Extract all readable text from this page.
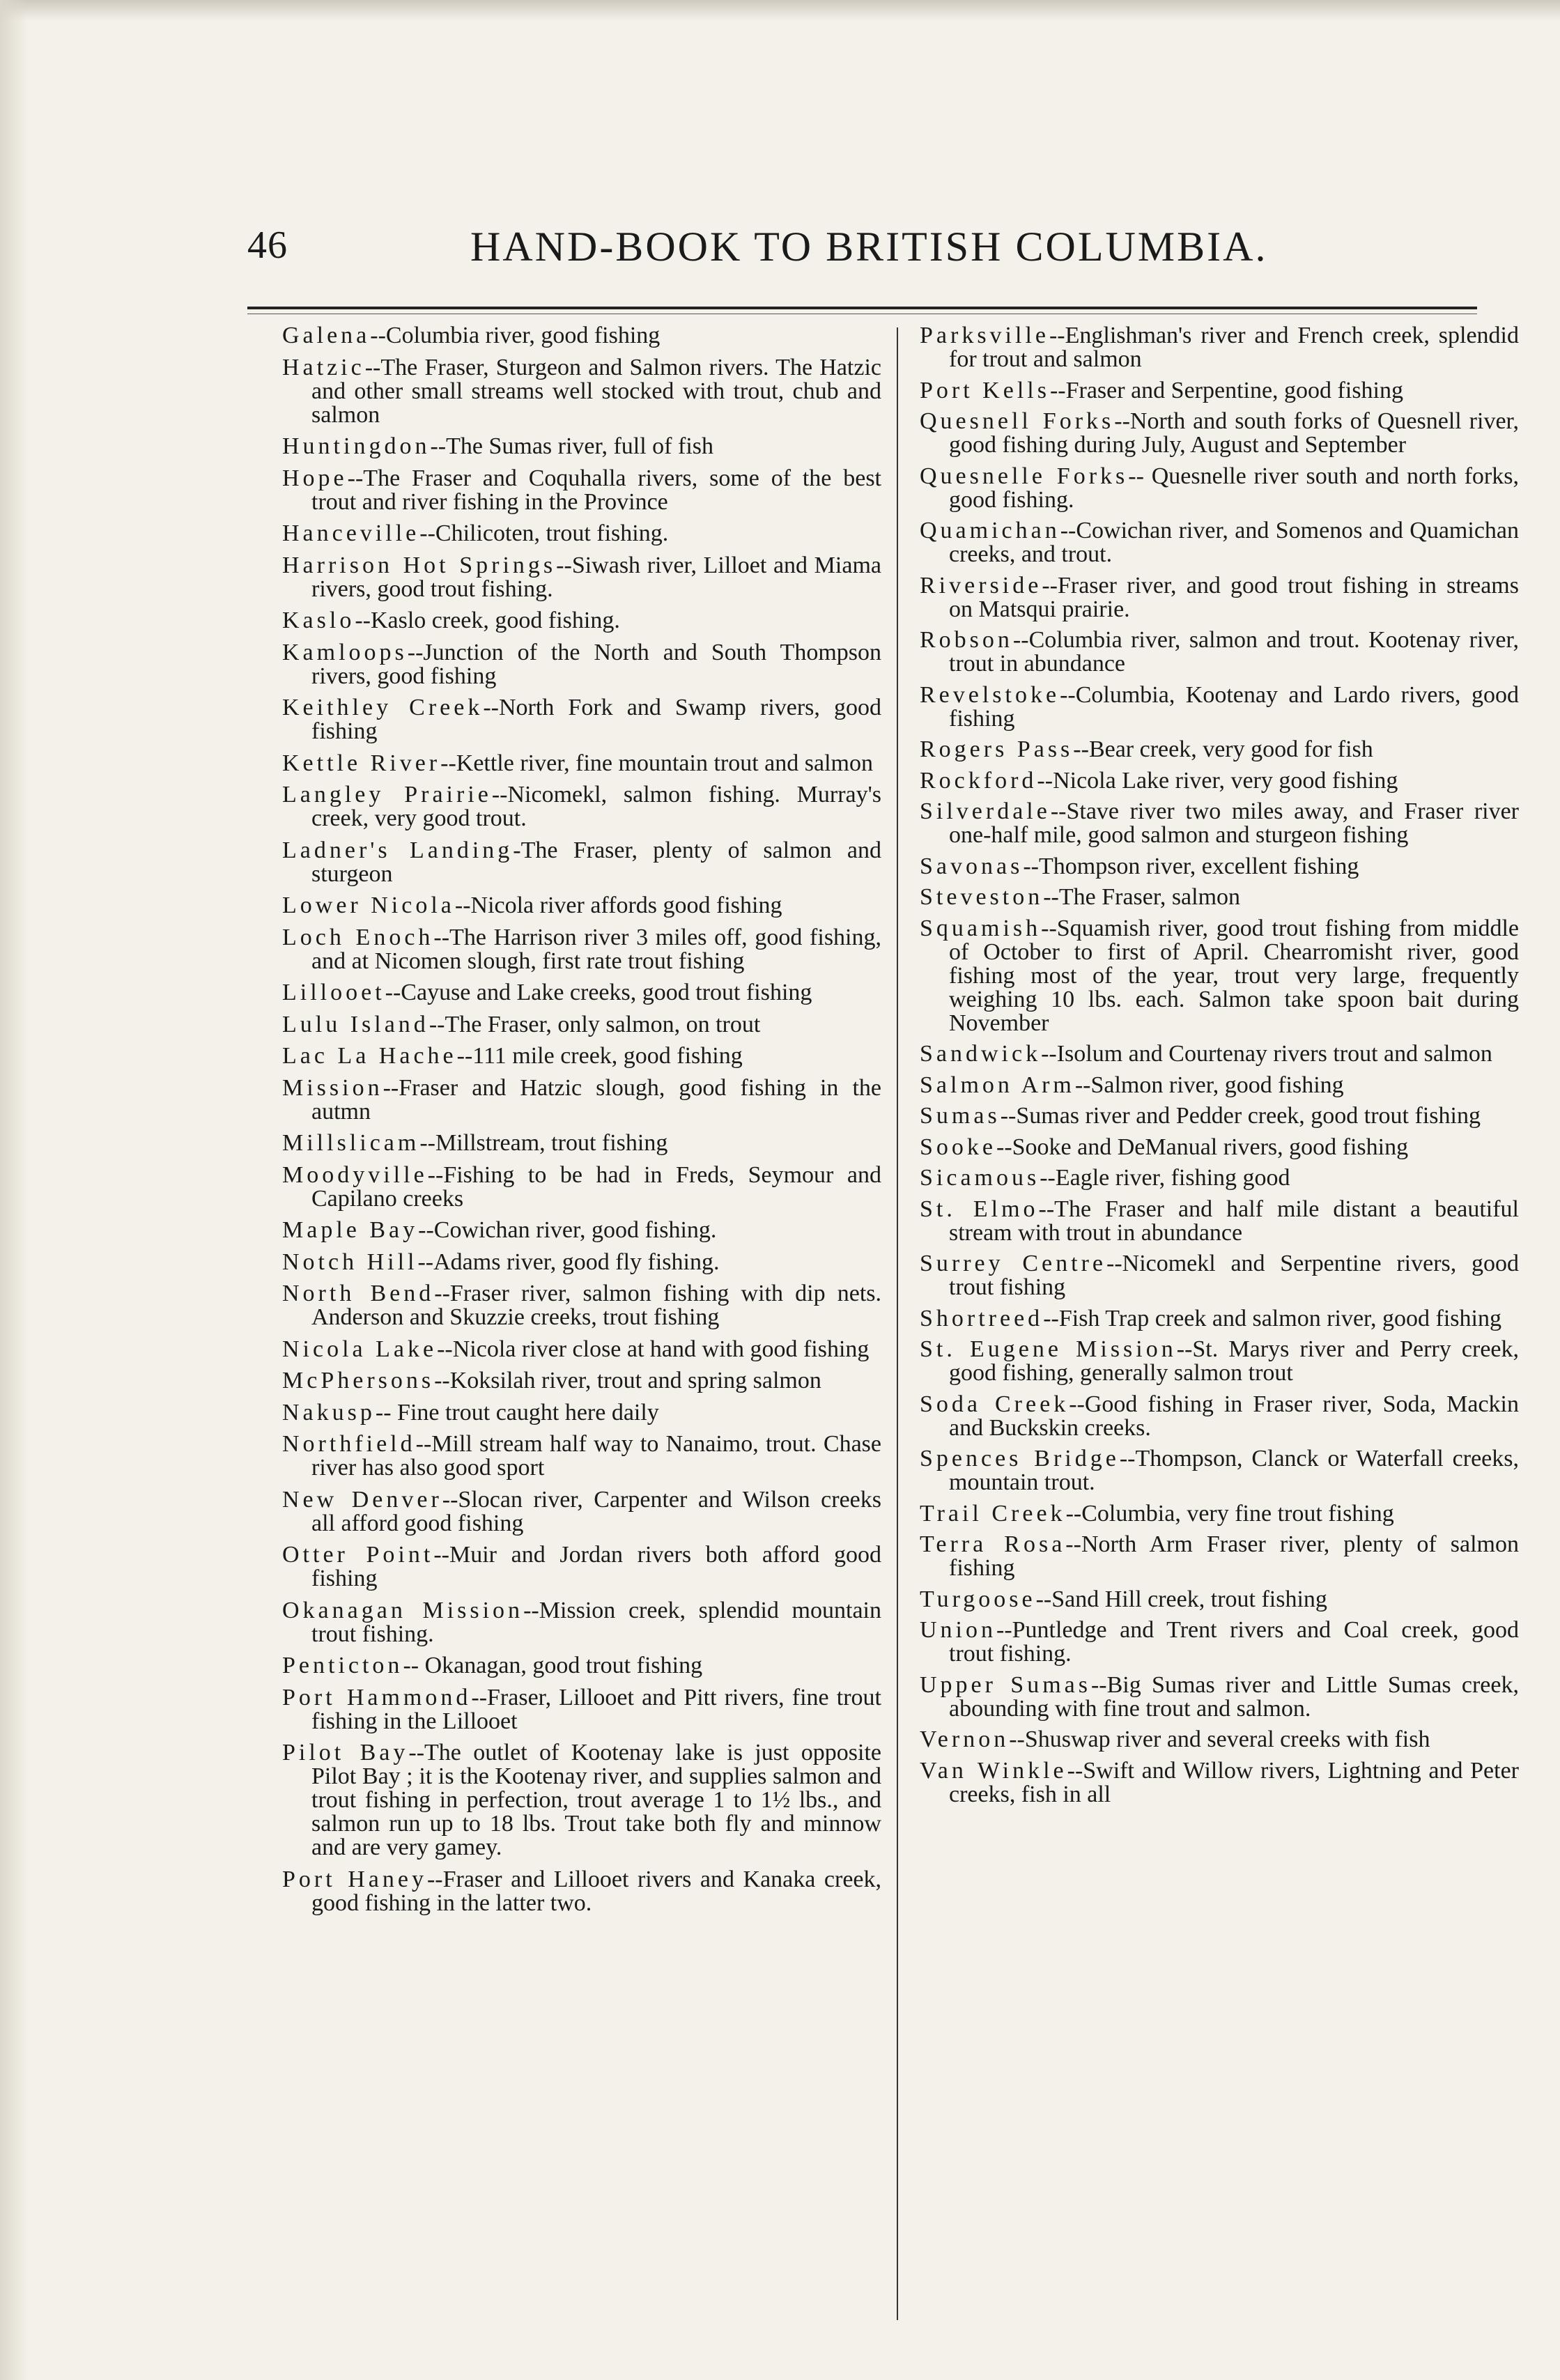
46	HAND-BOOK TO BRITISH COLUMBIA.
Galena--Columbia river, good fishing
Hatzic--The Fraser, Sturgeon and Salmon rivers. The Hatzic and other small streams well stocked with trout, chub and salmon
Huntingdon--The Sumas river, full of fish
Hope--The Fraser and Coquhalla rivers, some of the best trout and river fishing in the Province
Hanceville--Chilicoten, trout fishing.
Harrison Hot Springs--Siwash river, Lilloet and Miama rivers, good trout fishing.
Kaslo--Kaslo creek, good fishing.
Kamloops--Junction of the North and South Thompson rivers, good fishing
Keithley Creek--North Fork and Swamp rivers, good fishing
Kettle River--Kettle river, fine mountain trout and salmon
Langley Prairie--Nicomekl, salmon fishing. Murray's creek, very good trout.
Ladner's Landing-The Fraser, plenty of salmon and sturgeon
Lower Nicola--Nicola river affords good fishing
Loch Enoch--The Harrison river 3 miles off, good fishing, and at Nicomen slough, first rate trout fishing
Lillooet--Cayuse and Lake creeks, good trout fishing
Lulu Island--The Fraser, only salmon, on trout
Lac La Hache--111 mile creek, good fishing
Mission--Fraser and Hatzic slough, good fishing in the autmn
Millslicam--Millstream, trout fishing
Moodyville--Fishing to be had in Freds, Seymour and Capilano creeks
Maple Bay--Cowichan river, good fishing.
Notch Hill--Adams river, good fly fishing.
North Bend--Fraser river, salmon fishing with dip nets. Anderson and Skuzzie creeks, trout fishing
Nicola Lake--Nicola river close at hand with good fishing
McPhersons--Koksilah river, trout and spring salmon
Nakusp-- Fine trout caught here daily
Northfield--Mill stream half way to Nanaimo, trout. Chase river has also good sport
New Denver--Slocan river, Carpenter and Wilson creeks all afford good fishing
Otter Point--Muir and Jordan rivers both afford good fishing
Okanagan Mission--Mission creek, splendid mountain trout fishing.
Penticton-- Okanagan, good trout fishing
Port Hammond--Fraser, Lillooet and Pitt rivers, fine trout fishing in the Lillooet
Pilot Bay--The outlet of Kootenay lake is just opposite Pilot Bay ; it is the Kootenay river, and supplies salmon and trout fishing in perfection, trout average 1 to 1½ lbs., and salmon run up to 18 lbs. Trout take both fly and minnow and are very gamey.
Port Haney--Fraser and Lillooet rivers and Kanaka creek, good fishing in the latter two.
Parksville--Englishman's river and French creek, splendid for trout and salmon
Port Kells--Fraser and Serpentine, good fishing
Quesnell Forks--North and south forks of Quesnell river, good fishing during July, August and September
Quesnelle Forks-- Quesnelle river south and north forks, good fishing.
Quamichan--Cowichan river, and Somenos and Quamichan creeks, and trout.
Riverside--Fraser river, and good trout fishing in streams on Matsqui prairie.
Robson--Columbia river, salmon and trout. Kootenay river, trout in abundance
Revelstoke--Columbia, Kootenay and Lardo rivers, good fishing
Rogers Pass--Bear creek, very good for fish
Rockford--Nicola Lake river, very good fishing
Silverdale--Stave river two miles away, and Fraser river one-half mile, good salmon and sturgeon fishing
Savonas--Thompson river, excellent fishing
Steveston--The Fraser, salmon
Squamish--Squamish river, good trout fishing from middle of October to first of April. Chearromisht river, good fishing most of the year, trout very large, frequently weighing 10 lbs. each. Salmon take spoon bait during November
Sandwick--Isolum and Courtenay rivers trout and salmon
Salmon Arm--Salmon river, good fishing
Sumas--Sumas river and Pedder creek, good trout fishing
Sooke--Sooke and DeManual rivers, good fishing
Sicamous--Eagle river, fishing good
St. Elmo--The Fraser and half mile distant a beautiful stream with trout in abundance
Surrey Centre--Nicomekl and Serpentine rivers, good trout fishing
Shortreed--Fish Trap creek and salmon river, good fishing
St. Eugene Mission--St. Marys river and Perry creek, good fishing, generally salmon trout
Soda Creek--Good fishing in Fraser river, Soda, Mackin and Buckskin creeks.
Spences Bridge--Thompson, Clanck or Waterfall creeks, mountain trout.
Trail Creek--Columbia, very fine trout fishing
Terra Rosa--North Arm Fraser river, plenty of salmon fishing
Turgoose--Sand Hill creek, trout fishing
Union--Puntledge and Trent rivers and Coal creek, good trout fishing.
Upper Sumas--Big Sumas river and Little Sumas creek, abounding with fine trout and salmon.
Vernon--Shuswap river and several creeks with fish
Van Winkle--Swift and Willow rivers, Lightning and Peter creeks, fish in all
